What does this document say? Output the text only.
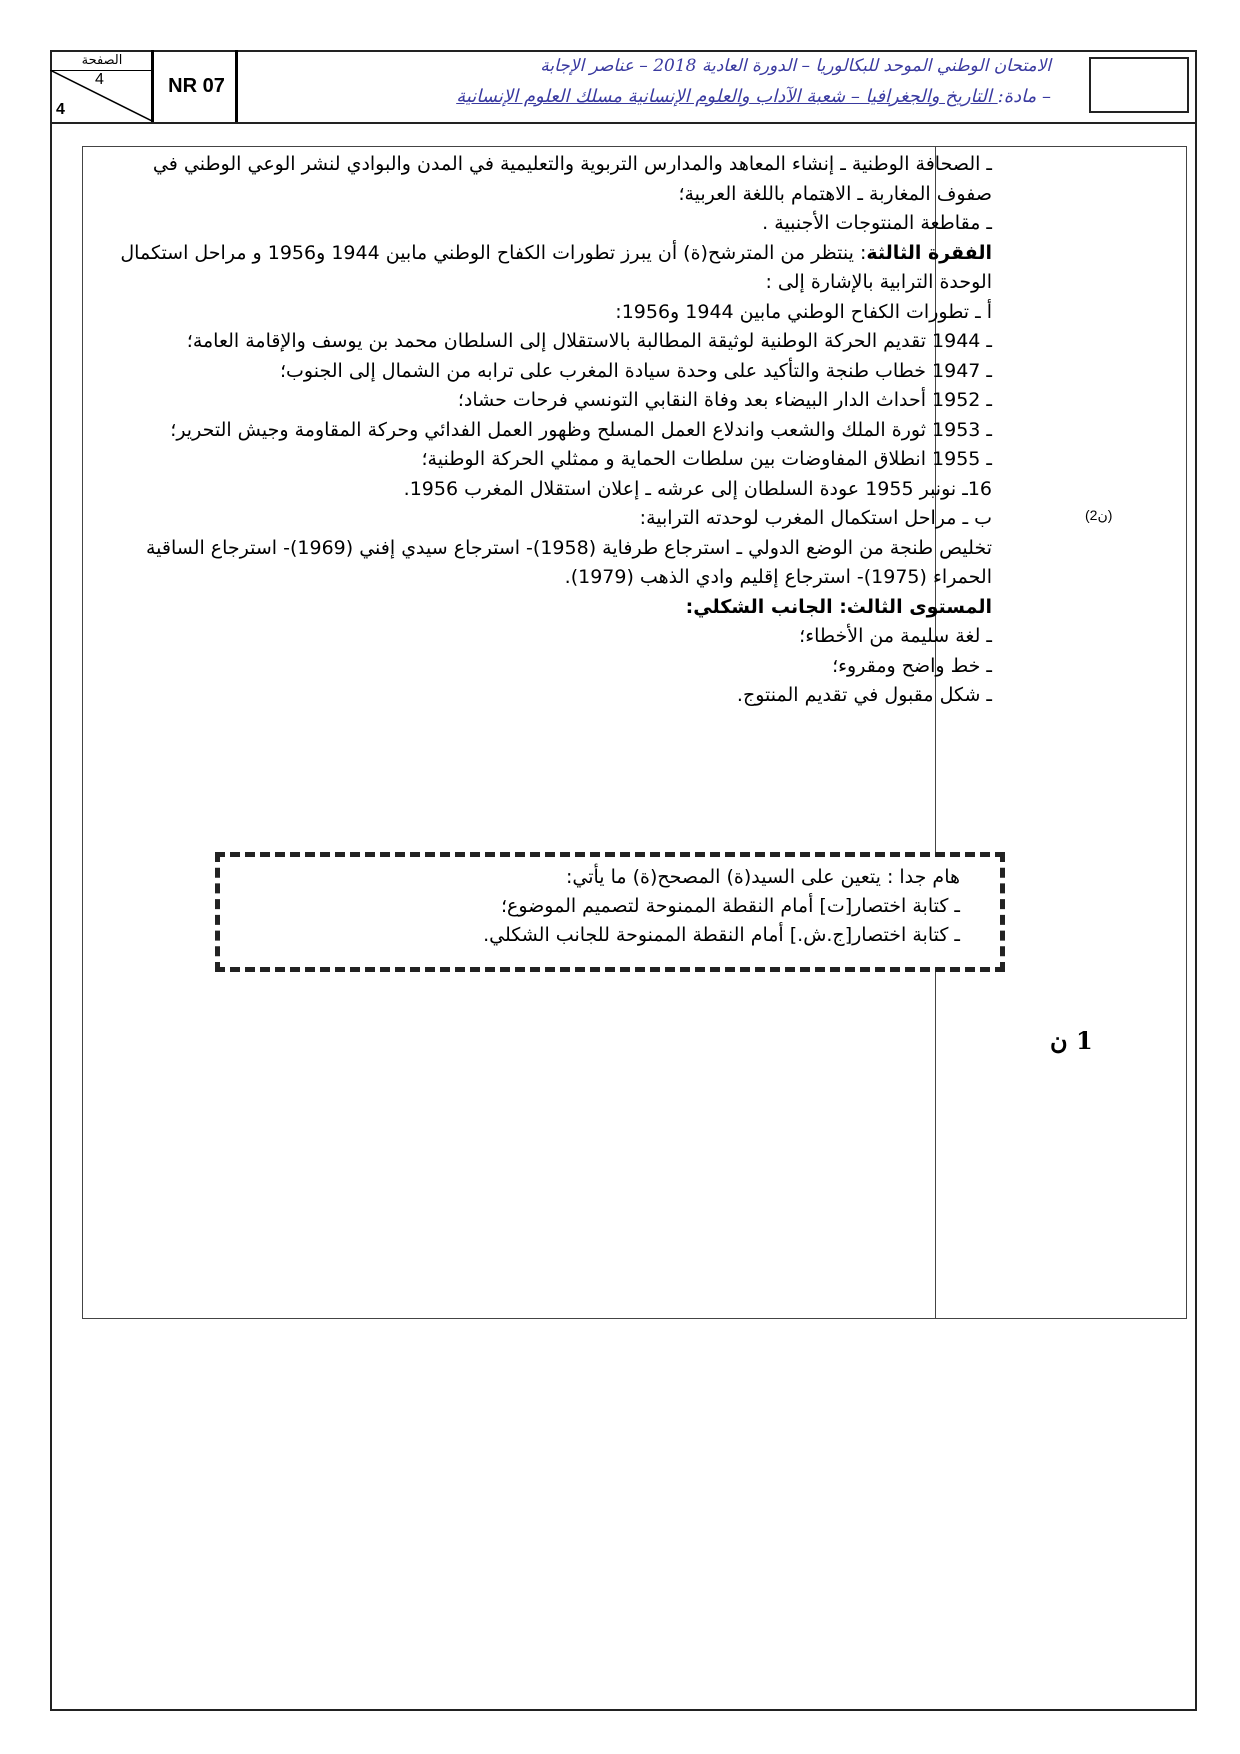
الصفحة
4
4
NR 07
الامتحان الوطني الموحد للبكالوريا – الدورة العادية 2018 – عناصر الإجابة
– مادة: التاريخ والجغرافيا – شعبة الآداب والعلوم الإنسانية مسلك العلوم الإنسانية

ـ الصحافة الوطنية ـ إنشاء المعاهد والمدارس التربوية والتعليمية في المدن والبوادي لنشر الوعي الوطني في صفوف المغاربة ـ الاهتمام باللغة العربية؛

ـ مقاطعة المنتوجات الأجنبية .

الفقرة الثالثة: ينتظر من المترشح(ة) أن يبرز تطورات الكفاح الوطني مابين 1944 و1956 و مراحل استكمال الوحدة الترابية بالإشارة إلى :

أ ـ تطورات الكفاح الوطني مابين 1944 و1956:

ـ 1944 تقديم الحركة الوطنية لوثيقة المطالبة بالاستقلال إلى السلطان محمد بن يوسف والإقامة العامة؛

ـ 1947 خطاب طنجة والتأكيد على وحدة سيادة المغرب على ترابه من الشمال إلى الجنوب؛

ـ 1952 أحداث الدار البيضاء بعد وفاة النقابي التونسي فرحات حشاد؛

ـ 1953 ثورة الملك والشعب واندلاع العمل المسلح وظهور العمل الفدائي وحركة المقاومة وجيش التحرير؛

ـ 1955 انطلاق المفاوضات بين سلطات الحماية و ممثلي الحركة الوطنية؛

16ـ نونبر 1955 عودة السلطان إلى عرشه ـ إعلان استقلال المغرب 1956.

ب ـ مراحل استكمال المغرب لوحدته الترابية:

تخليص طنجة من الوضع الدولي ـ استرجاع طرفاية (1958)- استرجاع سيدي إفني (1969)- استرجاع الساقية الحمراء (1975)- استرجاع إقليم وادي الذهب (1979).

المستوى الثالث: الجانب الشكلي:

ـ لغة سليمة من الأخطاء؛

ـ خط واضح ومقروء؛

ـ شكل مقبول في تقديم المنتوج.

هام جدا : يتعين على السيد(ة) المصحح(ة) ما يأتي:

ـ كتابة اختصار[ت] أمام النقطة الممنوحة لتصميم الموضوع؛

ـ كتابة اختصار[ج.ش.] أمام النقطة الممنوحة للجانب الشكلي.

(2ن)
1 ن
